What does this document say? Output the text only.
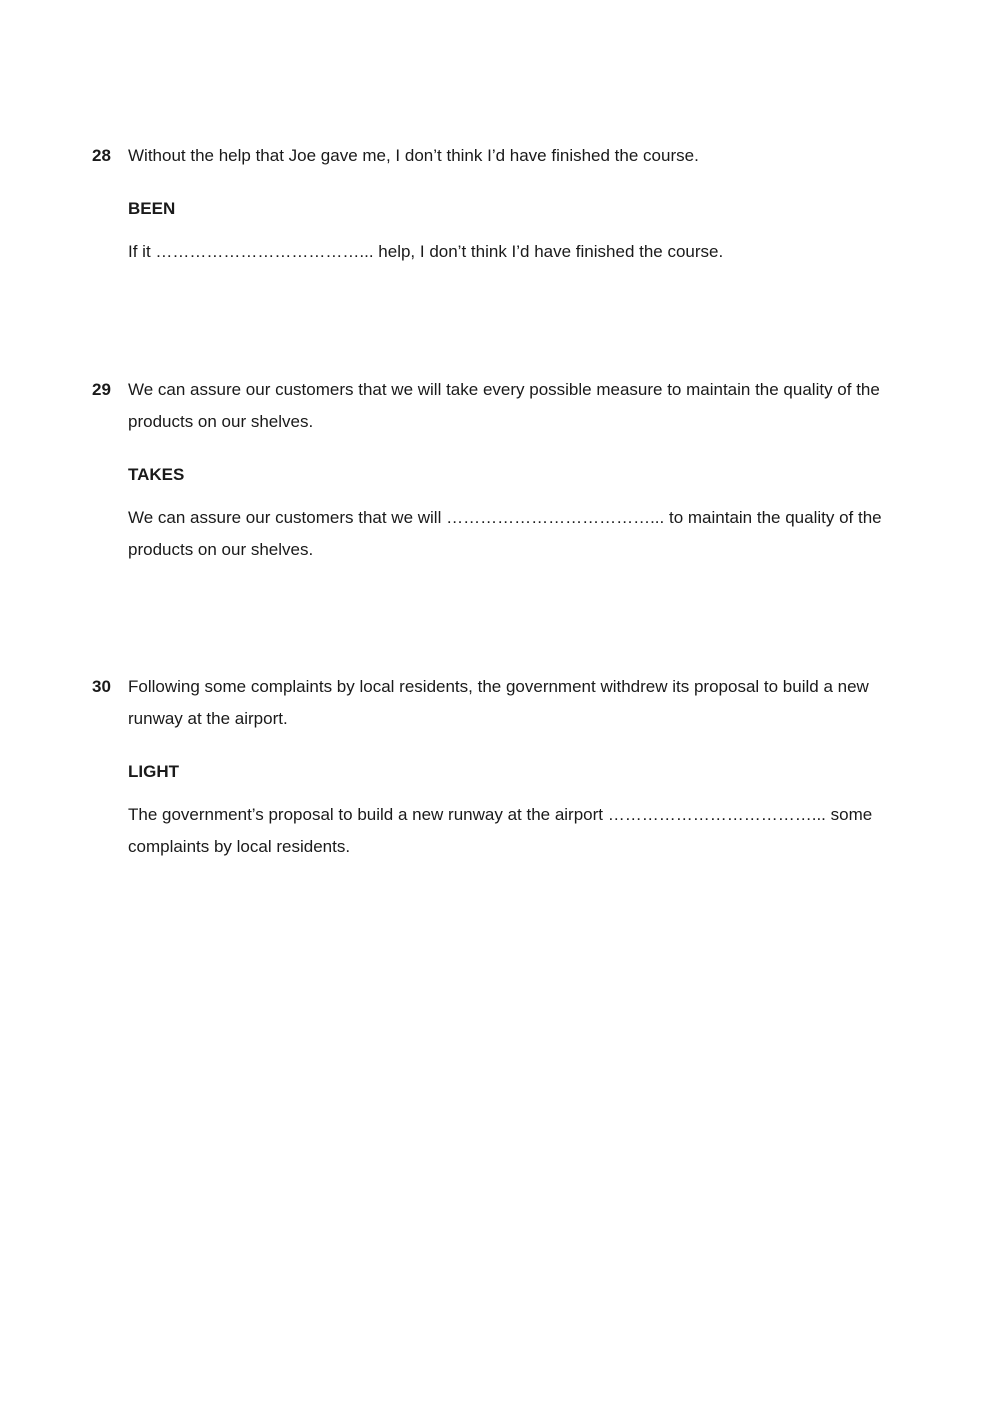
28 Without the help that Joe gave me, I don’t think I’d have finished the course.

BEEN

If it ………………………………... help, I don’t think I’d have finished the course.

29 We can assure our customers that we will take every possible measure to maintain the quality of the products on our shelves.

TAKES

We can assure our customers that we will ………………………………... to maintain the quality of the products on our shelves.

30 Following some complaints by local residents, the government withdrew its proposal to build a new runway at the airport.

LIGHT

The government’s proposal to build a new runway at the airport ………………………………... some complaints by local residents.
